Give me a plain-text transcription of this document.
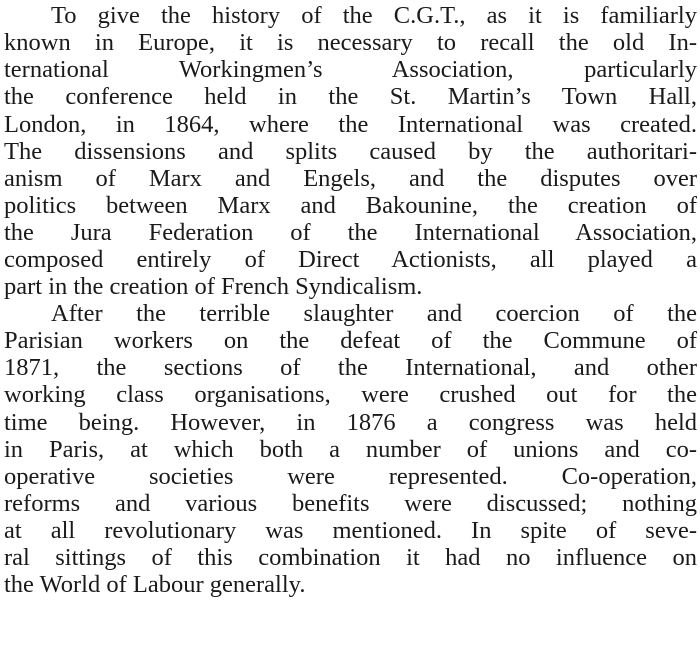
To give the history of the C.G.T., as it is familiarly
known in Europe, it is necessary to recall the old In-
ternational Workingmen’s Association, particularly
the conference held in the St. Martin’s Town Hall,
London, in 1864, where the International was created.
The dissensions and splits caused by the authoritari-
anism of Marx and Engels, and the disputes over
politics between Marx and Bakounine, the creation of
the Jura Federation of the International Association,
composed entirely of Direct Actionists, all played a
part in the creation of French Syndicalism.
After the terrible slaughter and coercion of the
Parisian workers on the defeat of the Commune of
1871, the sections of the International, and other
working class organisations, were crushed out for the
time being. However, in 1876 a congress was held
in Paris, at which both a number of unions and co-
operative societies were represented. Co-operation,
reforms and various benefits were discussed; nothing
at all revolutionary was mentioned. In spite of seve-
ral sittings of this combination it had no influence on
the World of Labour generally.
